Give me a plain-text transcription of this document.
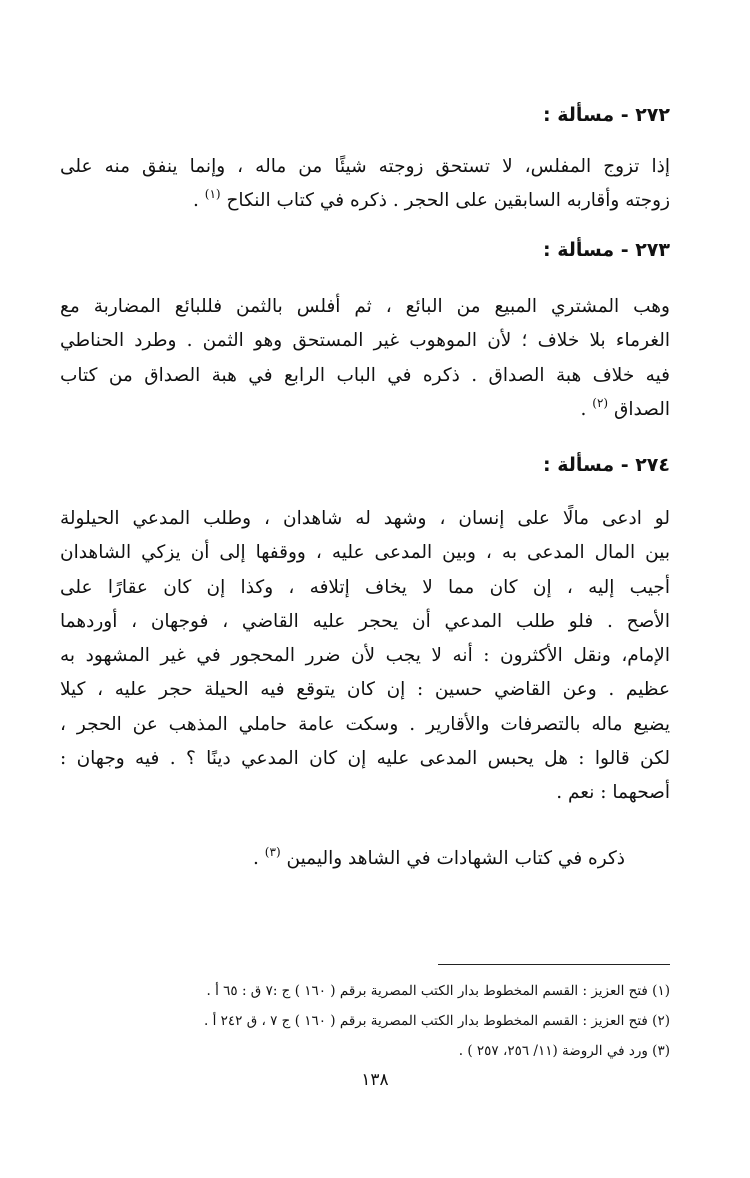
٢٧٢ - مسألة :
إذا تزوج المفلس، لا تستحق زوجته شيئًا من ماله ، وإنما ينفق منه على
زوجته وأقاربه السابقين على الحجر . ذكره في كتاب النكاح $^{(١)}$ .
٢٧٣ - مسألة :
وهب المشتري المبيع من البائع ، ثم أفلس بالثمن فللبائع المضاربة مع
الغرماء بلا خلاف ؛ لأن الموهوب غير المستحق وهو الثمن . وطرد الحناطي
فيه خلاف هبة الصداق . ذكره في الباب الرابع في هبة الصداق من كتاب
الصداق $^{(٢)}$ .
٢٧٤ - مسألة :
لو ادعى مالًا على إنسان ، وشهد له شاهدان ، وطلب المدعي الحيلولة
بين المال المدعى به ، وبين المدعى عليه ، ووقفها إلى أن يزكي الشاهدان
أجيب إليه ، إن كان مما لا يخاف إتلافه ، وكذا إن كان عقارًا على
الأصح . فلو طلب المدعي أن يحجر عليه القاضي ، فوجهان ، أوردهما
الإمام، ونقل الأكثرون : أنه لا يجب لأن ضرر المحجور في غير المشهود به
عظيم . وعن القاضي حسين : إن كان يتوقع فيه الحيلة حجر عليه ، كيلا
يضيع ماله بالتصرفات والأقارير . وسكت عامة حاملي المذهب عن الحجر ،
لكن قالوا : هل يحبس المدعى عليه إن كان المدعي دينًا ؟ . فيه وجهان :
أصحهما : نعم .
ذكره في كتاب الشهادات في الشاهد واليمين $^{(٣)}$ .
(١) فتح العزيز : القسم المخطوط بدار الكتب المصرية برقم ( ١٦٠ ) ج :٧ ق : ٦٥ أ .
(٢) فتح العزيز : القسم المخطوط بدار الكتب المصرية برقم ( ١٦٠ ) ج ٧ ، ق ٢٤٢ أ .
(٣) ورد في الروضة (١١/ ٢٥٦، ٢٥٧ ) .
١٣٨
